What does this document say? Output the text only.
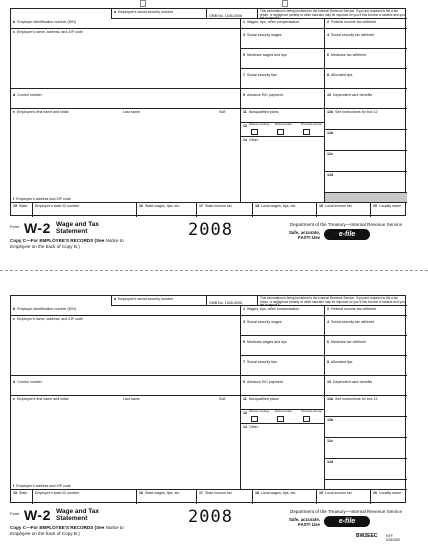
a Employee's social security number
OMB No. 1545-0008
This information is being furnished to the Internal Revenue Service. If you are required to file a tax return, a negligence penalty or other sanction may be imposed on you if this income is taxable and you fail to report it.
b Employer identification number (EIN)	1 Wages, tips, other compensation	2 Federal income tax withheld
c Employer's name, address, and ZIP code
3 Social security wages	4 Social security tax withheld
5 Medicare wages and tips	6 Medicare tax withheld
7 Social security tips	8 Allocated tips
d Control number	9 Advance EIC payment	10 Dependent care benefits
e Employee's first name and initial	Last name	Suff.
f Employee's address and ZIP code
11 Nonqualified plans
13 Statutory employee Retirement plan	Third-party sick pay
14 Other
12a See instructions for box 12
12b
12c
12d
15 State	Employer's state ID number	16 State wages, tips, etc.	17 State income tax	18 Local wages, tips, etc.	19 Local income tax	20 Locality name
Form W-2 Wage and Tax
Statement	2008
Copy C—For EMPLOYEE'S RECORDS (See Notice to
Employee on the back of Copy B.)
Department of the Treasury—Internal Revenue Service
Safe, accurate,
FAST! Use	e-file
a Employee's social security number
OMB No. 1545-0008
This information is being furnished to the Internal Revenue Service. If you are required to file a tax return, a negligence penalty or other sanction may be imposed on you if this income is taxable and you fail to report it.
b Employer identification number (EIN)	1 Wages, tips, other compensation	2 Federal income tax withheld
c Employer's name, address, and ZIP code
3 Social security wages	4 Social security tax withheld
5 Medicare wages and tips	6 Medicare tax withheld
7 Social security tips	8 Allocated tips
d Control number	9 Advance EIC payment	10 Dependent care benefits
e Employee's first name and initial	Last name	Suff.
f Employee's address and ZIP code
11 Nonqualified plans
13 Statutory employee Retirement plan	Third-party sick pay
14 Other
12a See instructions for box 12
12b
12c
12d
15 State	Employer's state ID number	16 State wages, tips, etc.	17 State income tax	18 Local wages, tips, etc.	19 Local income tax	20 Locality name
Form W-2 Wage and Tax
Statement	2008
Copy C—For EMPLOYEE'S RECORDS (See Notice to
Employee on the back of Copy B.)
Department of the Treasury—Internal Revenue Service
Safe, accurate,
FAST! Use	e-file
BW2EEC NTF 0281050
